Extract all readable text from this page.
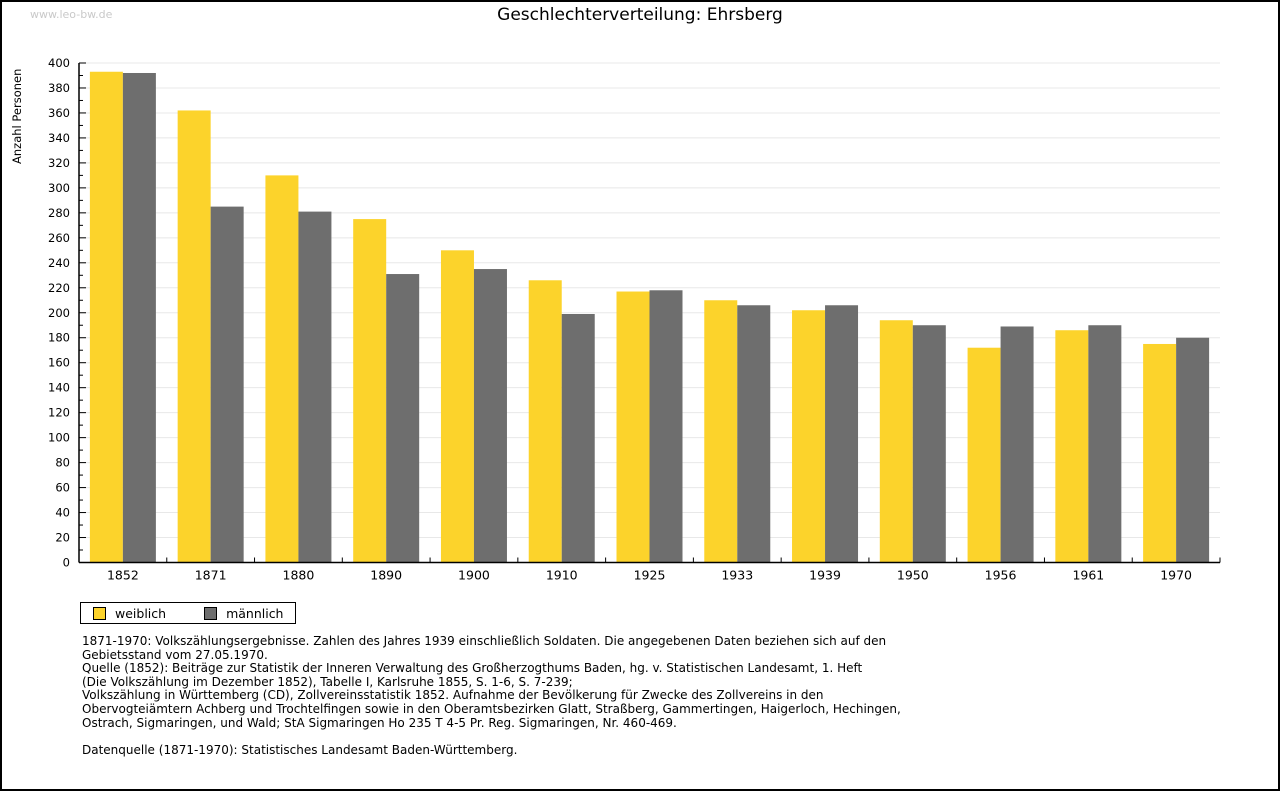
www.leo-bw.de	Geschlechterverteilung: Ehrsberg
Anzahl Personen
1852	1871	1880	1890	1900	1910	1925	1933	1939	1950	1956	1961	1970
0
20
40
60
80
100
120
140
160
180
200
220
240
260
280
300
320
340
360
380
400
weiblich	männlich
1871-1970: Volkszählungsergebnisse. Zahlen des Jahres 1939 einschließlich Soldaten. Die angegebenen Daten beziehen sich auf den
Gebietsstand vom 27.05.1970.
Quelle (1852): Beiträge zur Statistik der Inneren Verwaltung des Großherzogthums Baden, hg. v. Statistischen Landesamt, 1. Heft
(Die Volkszählung im Dezember 1852), Tabelle I, Karlsruhe 1855, S. 1-6, S. 7-239;
Volkszählung in Württemberg (CD), Zollvereinsstatistik 1852. Aufnahme der Bevölkerung für Zwecke des Zollvereins in den
Obervogteiämtern Achberg und Trochtelfingen sowie in den Oberamtsbezirken Glatt, Straßberg, Gammertingen, Haigerloch, Hechingen,
Ostrach, Sigmaringen, und Wald; StA Sigmaringen Ho 235 T 4-5 Pr. Reg. Sigmaringen, Nr. 460-469.
Datenquelle (1871-1970): Statistisches Landesamt Baden-Württemberg.
